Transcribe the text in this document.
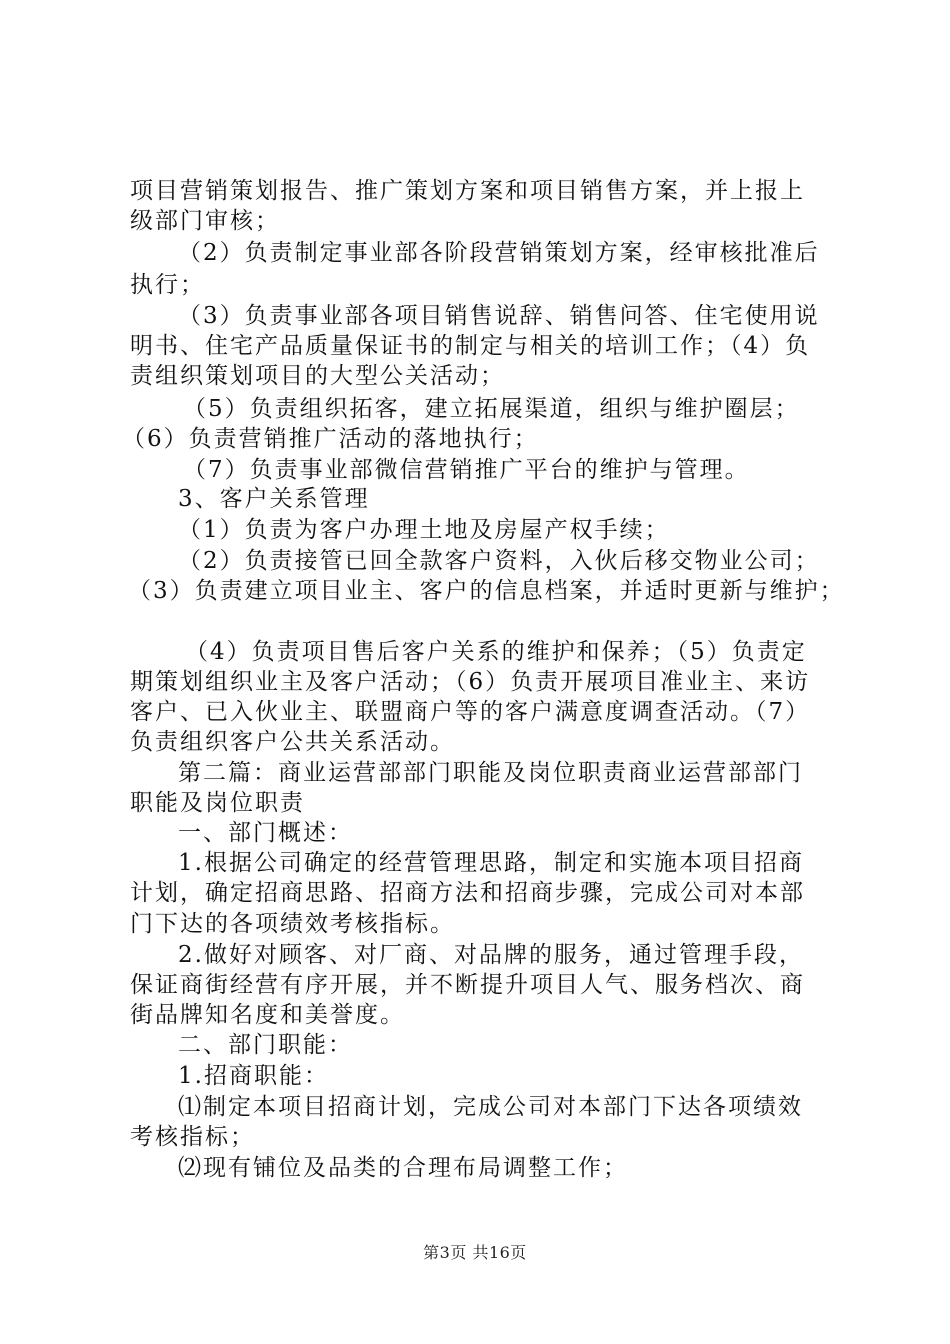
项目营销策划报告、推广策划方案和项目销售方案，并上报上
级部门审核；
（2）负责制定事业部各阶段营销策划方案，经审核批准后
执行；
（3）负责事业部各项目销售说辞、销售问答、住宅使用说
明书、住宅产品质量保证书的制定与相关的培训工作；（4）负
责组织策划项目的大型公关活动；
（5）负责组织拓客，建立拓展渠道，组织与维护圈层；
（6）负责营销推广活动的落地执行；
（7）负责事业部微信营销推广平台的维护与管理。
3、客户关系管理
（1）负责为客户办理土地及房屋产权手续；
（2）负责接管已回全款客户资料，入伙后移交物业公司；
（3）负责建立项目业主、客户的信息档案，并适时更新与维护；
（4）负责项目售后客户关系的维护和保养；（5）负责定
期策划组织业主及客户活动；（6）负责开展项目准业主、来访
客户、已入伙业主、联盟商户等的客户满意度调查活动。（7）
负责组织客户公共关系活动。
第二篇：商业运营部部门职能及岗位职责商业运营部部门
职能及岗位职责
一、部门概述：
1.根据公司确定的经营管理思路，制定和实施本项目招商
计划，确定招商思路、招商方法和招商步骤，完成公司对本部
门下达的各项绩效考核指标。
2.做好对顾客、对厂商、对品牌的服务，通过管理手段，
保证商街经营有序开展，并不断提升项目人气、服务档次、商
街品牌知名度和美誉度。
二、部门职能：
1.招商职能：
⑴制定本项目招商计划，完成公司对本部门下达各项绩效
考核指标；
⑵现有铺位及品类的合理布局调整工作；
第3页 共16页
